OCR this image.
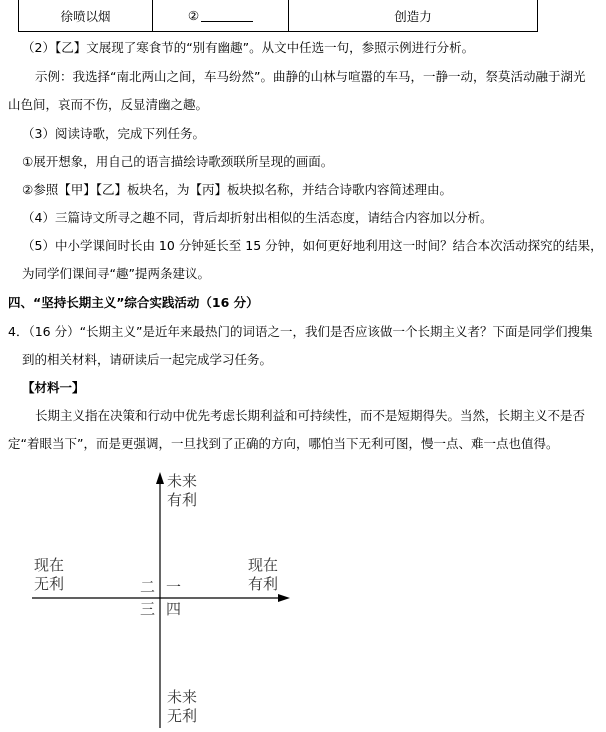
徐喷以烟	②	创造力
（2）【乙】文展现了寒食节的“别有幽趣”。从文中任选一句，参照示例进行分析。
示例：我选择“南北两山之间，车马纷然”。曲静的山林与喧嚣的车马，一静一动，祭莫活动融于湖光
山色间，哀而不伤，反显清幽之趣。
（3）阅读诗歌，完成下列任务。
①展开想象，用自己的语言描绘诗歌颈联所呈现的画面。
②参照【甲】【乙】板块名，为【丙】板块拟名称，并结合诗歌内容简述理由。
（4）三篇诗文所寻之趣不同，背后却折射出相似的生活态度，请结合内容加以分析。
（5）中小学课间时长由 10 分钟延长至 15 分钟，如何更好地利用这一时间？结合本次活动探究的结果，
为同学们课间寻“趣”提两条建议。
四、“坚持长期主义”综合实践活动（16 分）
4．（16 分）“长期主义”是近年来最热门的词语之一，我们是否应该做一个长期主义者？下面是同学们搜集
到的相关材料，请研读后一起完成学习任务。
【材料一】
长期主义指在决策和行动中优先考虑长期利益和可持续性，而不是短期得失。当然，长期主义不是否
定“着眼当下”，而是更强调，一旦找到了正确的方向，哪怕当下无利可图，慢一点、难一点也值得。
未来
有利
现在
无利
现在
有利
未来
无利
一
二
三 四
